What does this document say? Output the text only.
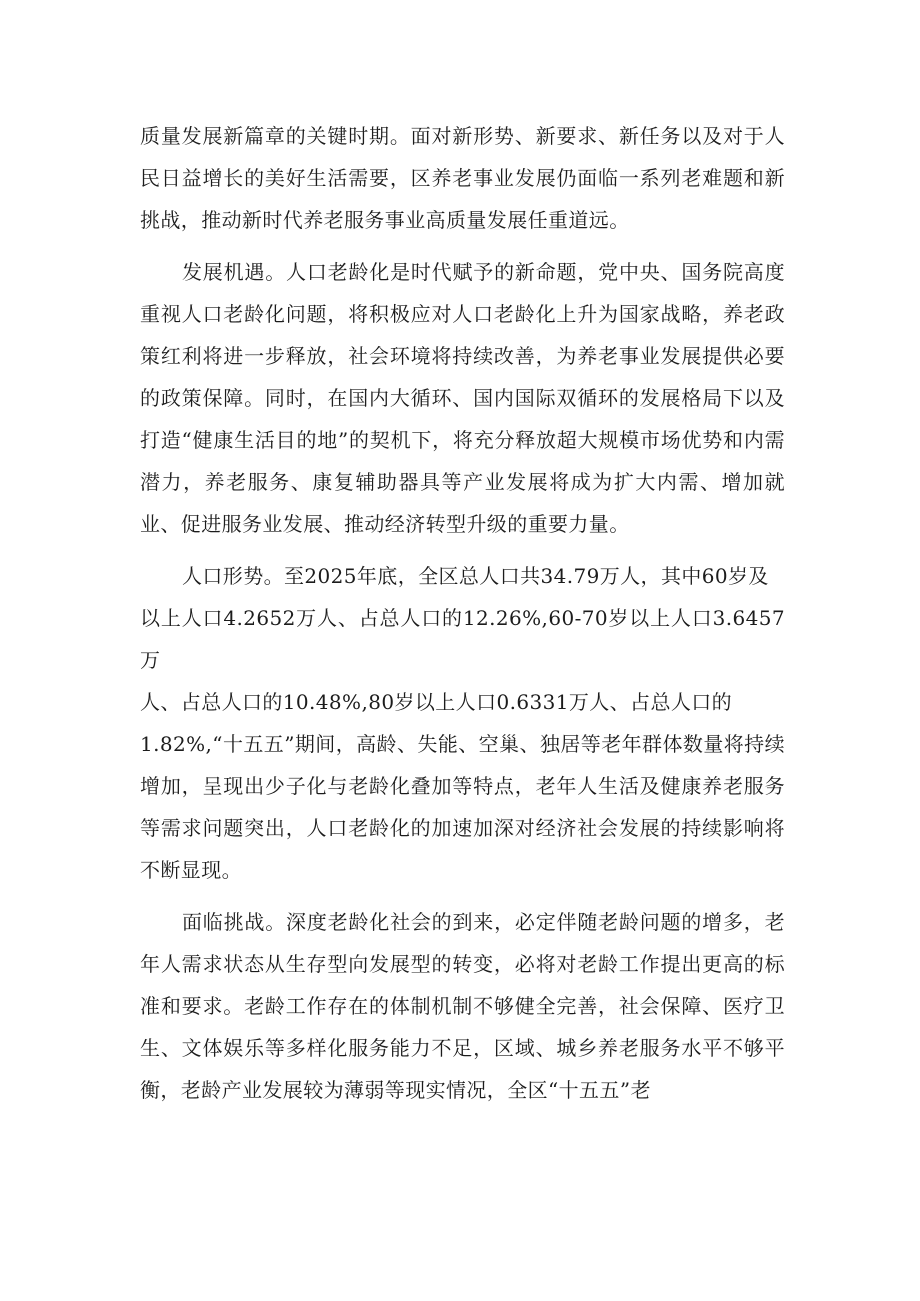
质量发展新篇章的关键时期。面对新形势、新要求、新任务以及对于人民日益增长的美好生活需要，区养老事业发展仍面临一系列老难题和新挑战，推动新时代养老服务事业高质量发展任重道远。

发展机遇。人口老龄化是时代赋予的新命题，党中央、国务院高度重视人口老龄化问题，将积极应对人口老龄化上升为国家战略，养老政策红利将进一步释放，社会环境将持续改善，为养老事业发展提供必要的政策保障。同时，在国内大循环、国内国际双循环的发展格局下以及打造“健康生活目的地”的契机下，将充分释放超大规模市场优势和内需潜力，养老服务、康复辅助器具等产业发展将成为扩大内需、增加就业、促进服务业发展、推动经济转型升级的重要力量。

人口形势。至2025年底，全区总人口共34.79万人，其中60岁及
以上人口4.2652万人、占总人口的12.26%,60-70岁以上人口3.6457万
人、占总人口的10.48%,80岁以上人口0.6331万人、占总人口的
1.82%,“十五五”期间，高龄、失能、空巢、独居等老年群体数量将持续增加，呈现出少子化与老龄化叠加等特点，老年人生活及健康养老服务等需求问题突出，人口老龄化的加速加深对经济社会发展的持续影响将不断显现。

面临挑战。深度老龄化社会的到来，必定伴随老龄问题的增多，老年人需求状态从生存型向发展型的转变，必将对老龄工作提出更高的标准和要求。老龄工作存在的体制机制不够健全完善，社会保障、医疗卫生、文体娱乐等多样化服务能力不足，区域、城乡养老服务水平不够平衡，老龄产业发展较为薄弱等现实情况，全区“十五五”老
